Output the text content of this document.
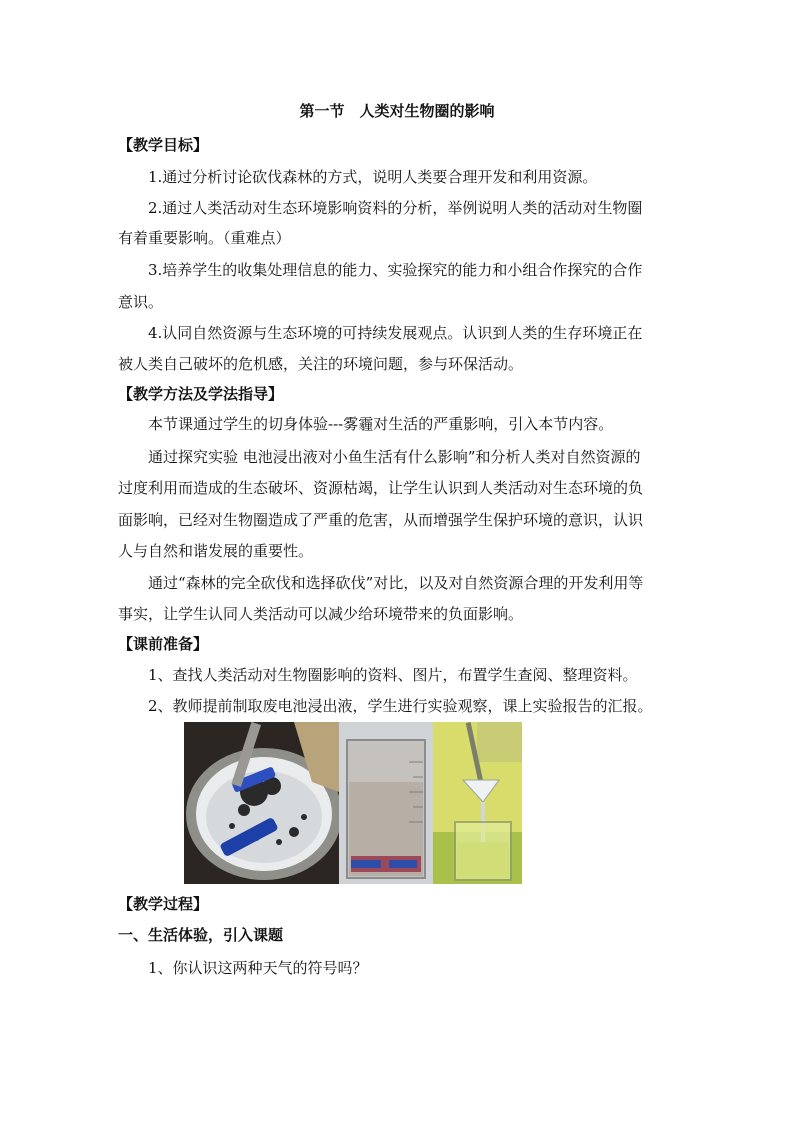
第一节　人类对生物圈的影响
【教学目标】
1.通过分析讨论砍伐森林的方式，说明人类要合理开发和利用资源。
2.通过人类活动对生态环境影响资料的分析，举例说明人类的活动对生物圈
有着重要影响。（重难点）
3.培养学生的收集处理信息的能力、实验探究的能力和小组合作探究的合作
意识。
4.认同自然资源与生态环境的可持续发展观点。认识到人类的生存环境正在
被人类自己破坏的危机感，关注的环境问题，参与环保活动。
【教学方法及学法指导】
本节课通过学生的切身体验---雾霾对生活的严重影响，引入本节内容。
通过探究实验 电池浸出液对小鱼生活有什么影响”和分析人类对自然资源的
过度利用而造成的生态破坏、资源枯竭，让学生认识到人类活动对生态环境的负
面影响，已经对生物圈造成了严重的危害，从而增强学生保护环境的意识，认识
人与自然和谐发展的重要性。
通过“森林的完全砍伐和选择砍伐”对比，以及对自然资源合理的开发利用等
事实，让学生认同人类活动可以减少给环境带来的负面影响。
【课前准备】
1、查找人类活动对生物圈影响的资料、图片，布置学生查阅、整理资料。
2、教师提前制取废电池浸出液，学生进行实验观察，课上实验报告的汇报。
【教学过程】
一、生活体验，引入课题
1、你认识这两种天气的符号吗？
